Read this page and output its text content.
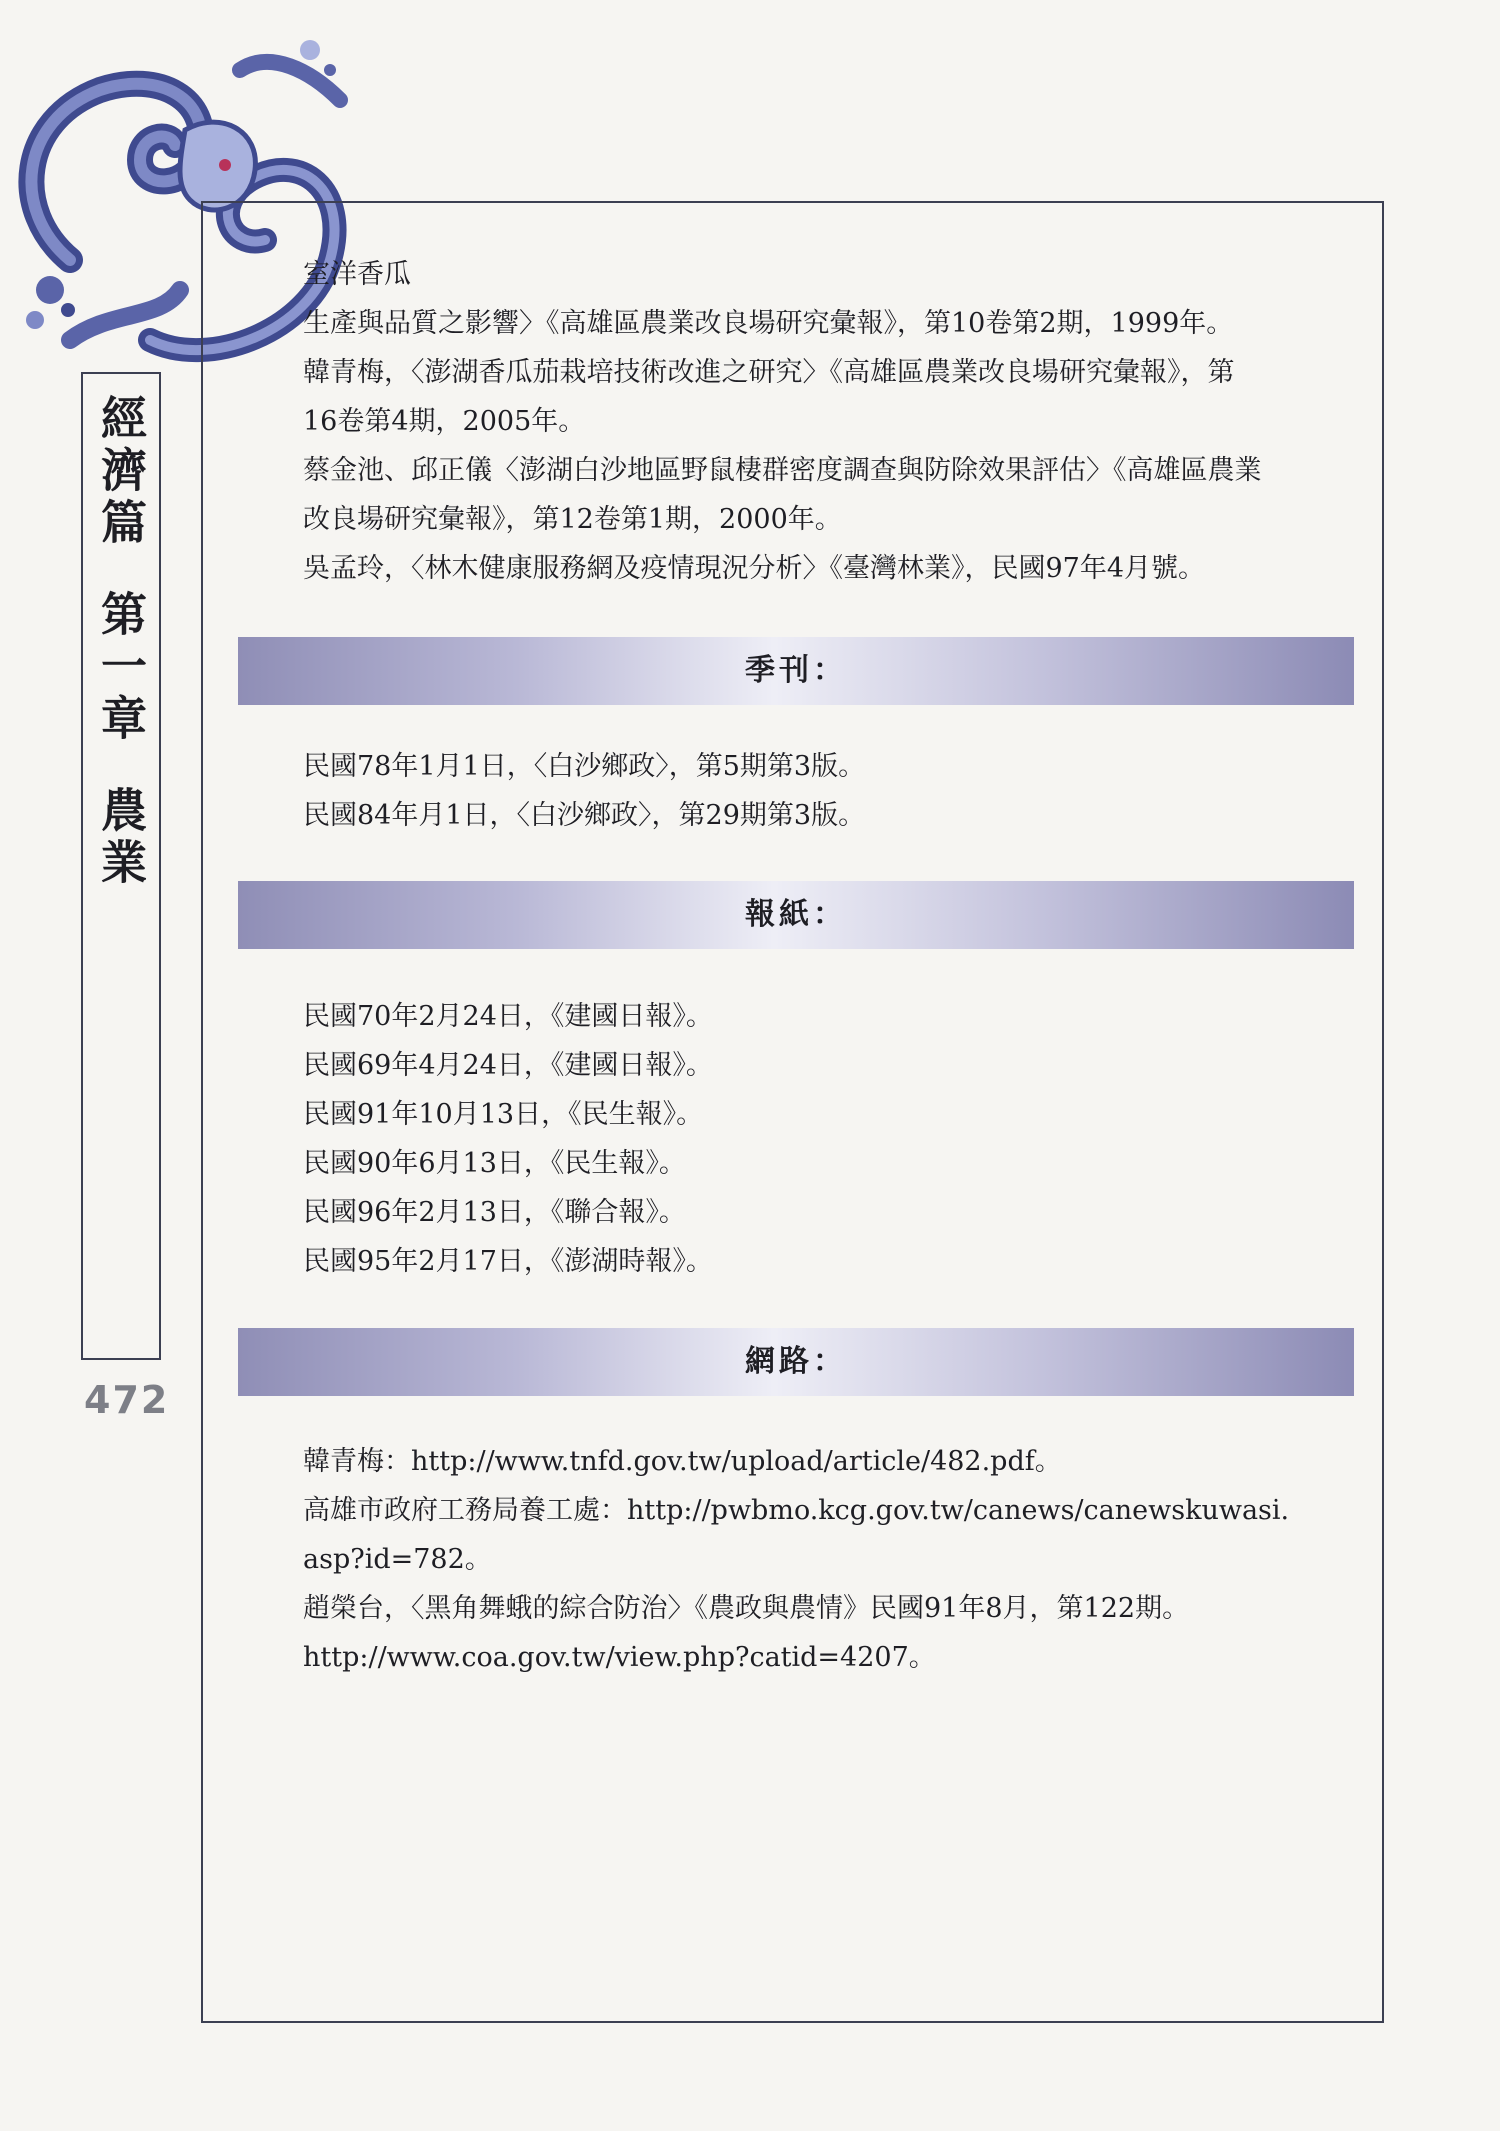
經濟篇
第一章
農業
472

室洋香瓜

生產與品質之影響〉《高雄區農業改良場研究彙報》，第10卷第2期，1999年。

韓青梅，〈澎湖香瓜茄栽培技術改進之研究〉《高雄區農業改良場研究彙報》，第

16卷第4期，2005年。

蔡金池、邱正儀〈澎湖白沙地區野鼠棲群密度調查與防除效果評估〉《高雄區農業

改良場研究彙報》，第12卷第1期，2000年。

吳孟玲，〈林木健康服務網及疫情現況分析〉《臺灣林業》，民國97年4月號。

季刊：

民國78年1月1日，〈白沙鄉政〉，第5期第3版。

民國84年月1日，〈白沙鄉政〉，第29期第3版。

報紙：

民國70年2月24日，《建國日報》。

民國69年4月24日，《建國日報》。

民國91年10月13日，《民生報》。

民國90年6月13日，《民生報》。

民國96年2月13日，《聯合報》。

民國95年2月17日，《澎湖時報》。

網路：

韓青梅：http://www.tnfd.gov.tw/upload/article/482.pdf。

高雄市政府工務局養工處：http://pwbmo.kcg.gov.tw/canews/canewskuwasi.

asp?id=782。

趙榮台，〈黑角舞蛾的綜合防治〉《農政與農情》民國91年8月，第122期。

http://www.coa.gov.tw/view.php?catid=4207。
